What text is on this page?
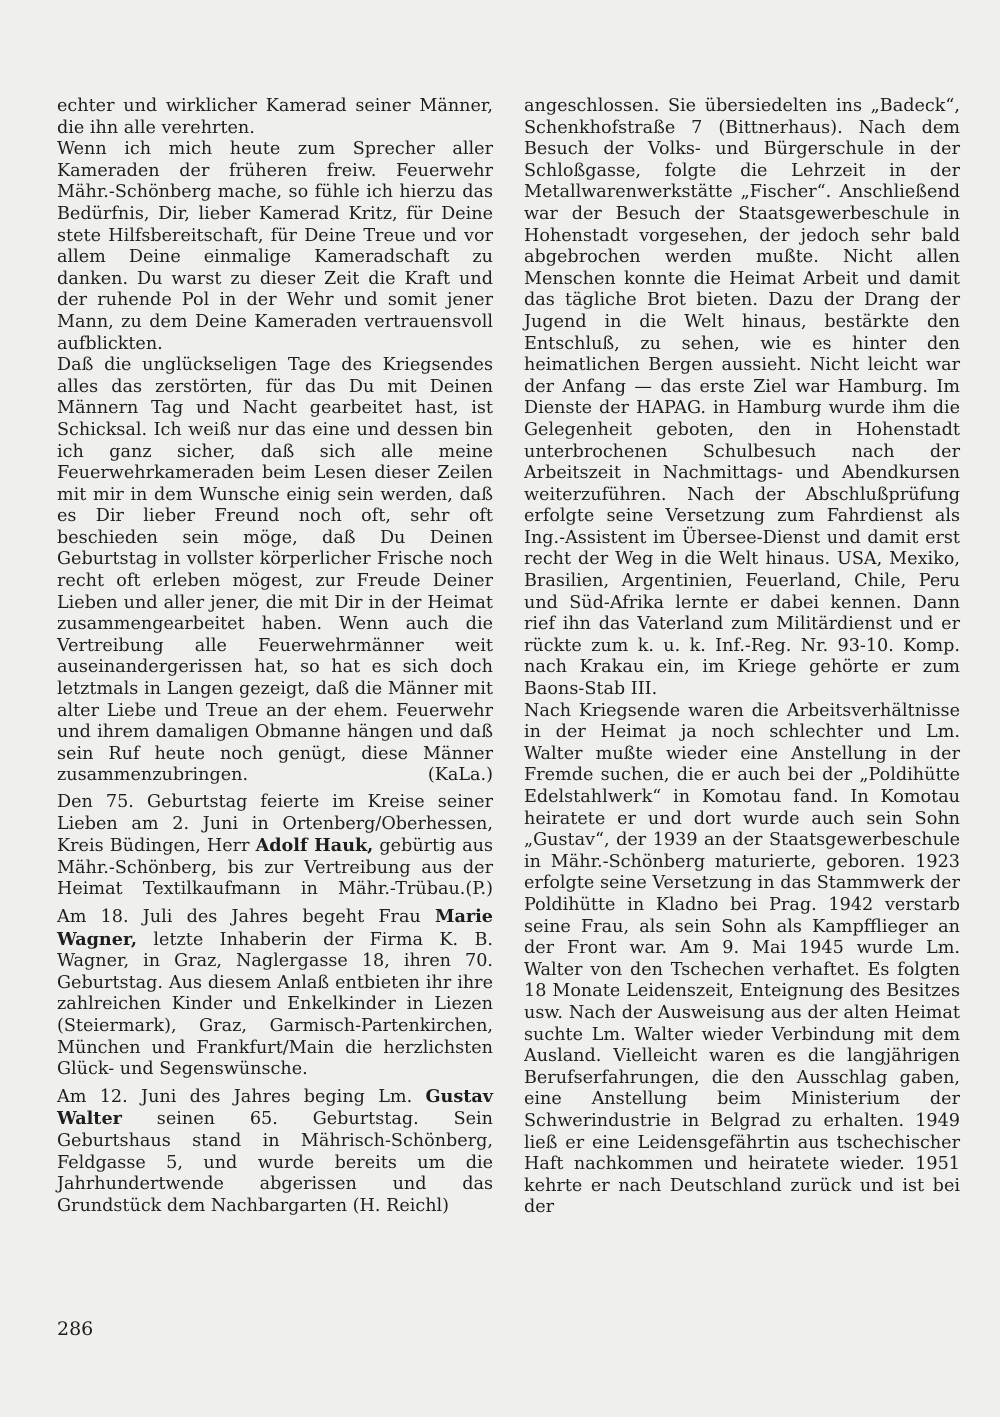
echter und wirklicher Kamerad seiner Männer, die ihn alle verehrten.

Wenn ich mich heute zum Sprecher aller Kameraden der früheren freiw. Feuerwehr Mähr.-Schönberg mache, so fühle ich hierzu das Bedürfnis, Dir, lieber Kamerad Kritz, für Deine stete Hilfsbereitschaft, für Deine Treue und vor allem Deine einmalige Kameradschaft zu danken. Du warst zu dieser Zeit die Kraft und der ruhende Pol in der Wehr und somit jener Mann, zu dem Deine Kameraden vertrauensvoll aufblickten.

Daß die unglückseligen Tage des Kriegsendes alles das zerstörten, für das Du mit Deinen Männern Tag und Nacht gearbeitet hast, ist Schicksal. Ich weiß nur das eine und dessen bin ich ganz sicher, daß sich alle meine Feuerwehrkameraden beim Lesen dieser Zeilen mit mir in dem Wunsche einig sein werden, daß es Dir lieber Freund noch oft, sehr oft beschieden sein möge, daß Du Deinen Geburtstag in vollster körperlicher Frische noch recht oft erleben mögest, zur Freude Deiner Lieben und aller jener, die mit Dir in der Heimat zusammengearbeitet haben. Wenn auch die Vertreibung alle Feuerwehrmänner weit auseinandergerissen hat, so hat es sich doch letztmals in Langen gezeigt, daß die Männer mit alter Liebe und Treue an der ehem. Feuerwehr und ihrem damaligen Obmanne hängen und daß sein Ruf heute noch genügt, diese Männer zusammenzubringen.	(KaLa.)

Den 75. Geburtstag feierte im Kreise seiner Lieben am 2. Juni in Ortenberg/Oberhessen, Kreis Büdingen, Herr Adolf Hauk, gebürtig aus Mähr.-Schönberg, bis zur Vertreibung aus der Heimat Textilkaufmann in Mähr.-Trübau. (P.)

Am 18. Juli des Jahres begeht Frau Marie Wagner, letzte Inhaberin der Firma K. B. Wagner, in Graz, Naglergasse 18, ihren 70. Geburtstag. Aus diesem Anlaß entbieten ihr ihre zahlreichen Kinder und Enkelkinder in Liezen (Steiermark), Graz, Garmisch-Partenkirchen, München und Frankfurt/Main die herzlichsten Glück- und Segenswünsche.

Am 12. Juni des Jahres beging Lm. Gustav Walter seinen 65. Geburtstag. Sein Geburtshaus stand in Mährisch-Schönberg, Feldgasse 5, und wurde bereits um die Jahrhundertwende abgerissen und das Grundstück dem Nachbargarten (H. Reichl)

angeschlossen. Sie übersiedelten ins „Badeck“, Schenkhofstraße 7 (Bittnerhaus). Nach dem Besuch der Volks- und Bürgerschule in der Schloßgasse, folgte die Lehrzeit in der Metallwarenwerkstätte „Fischer“. Anschließend war der Besuch der Staatsgewerbeschule in Hohenstadt vorgesehen, der jedoch sehr bald abgebrochen werden mußte. Nicht allen Menschen konnte die Heimat Arbeit und damit das tägliche Brot bieten. Dazu der Drang der Jugend in die Welt hinaus, bestärkte den Entschluß, zu sehen, wie es hinter den heimatlichen Bergen aussieht. Nicht leicht war der Anfang — das erste Ziel war Hamburg. Im Dienste der HAPAG. in Hamburg wurde ihm die Gelegenheit geboten, den in Hohenstadt unterbrochenen Schulbesuch nach der Arbeitszeit in Nachmittags- und Abendkursen weiterzuführen. Nach der Abschlußprüfung erfolgte seine Versetzung zum Fahrdienst als Ing.-Assistent im Übersee-Dienst und damit erst recht der Weg in die Welt hinaus. USA, Mexiko, Brasilien, Argentinien, Feuerland, Chile, Peru und Süd-Afrika lernte er dabei kennen. Dann rief ihn das Vaterland zum Militärdienst und er rückte zum k. u. k. Inf.-Reg. Nr. 93-10. Komp. nach Krakau ein, im Kriege gehörte er zum Baons-Stab III.

Nach Kriegsende waren die Arbeitsverhältnisse in der Heimat ja noch schlechter und Lm. Walter mußte wieder eine Anstellung in der Fremde suchen, die er auch bei der „Poldihütte Edelstahlwerk“ in Komotau fand. In Komotau heiratete er und dort wurde auch sein Sohn „Gustav“, der 1939 an der Staatsgewerbeschule in Mähr.-Schönberg maturierte, geboren. 1923 erfolgte seine Versetzung in das Stammwerk der Poldihütte in Kladno bei Prag. 1942 verstarb seine Frau, als sein Sohn als Kampfflieger an der Front war. Am 9. Mai 1945 wurde Lm. Walter von den Tschechen verhaftet. Es folgten 18 Monate Leidenszeit, Enteignung des Besitzes usw. Nach der Ausweisung aus der alten Heimat suchte Lm. Walter wieder Verbindung mit dem Ausland. Vielleicht waren es die langjährigen Berufserfahrungen, die den Ausschlag gaben, eine Anstellung beim Ministerium der Schwerindustrie in Belgrad zu erhalten. 1949 ließ er eine Leidensgefährtin aus tschechischer Haft nachkommen und heiratete wieder. 1951 kehrte er nach Deutschland zurück und ist bei der

286
